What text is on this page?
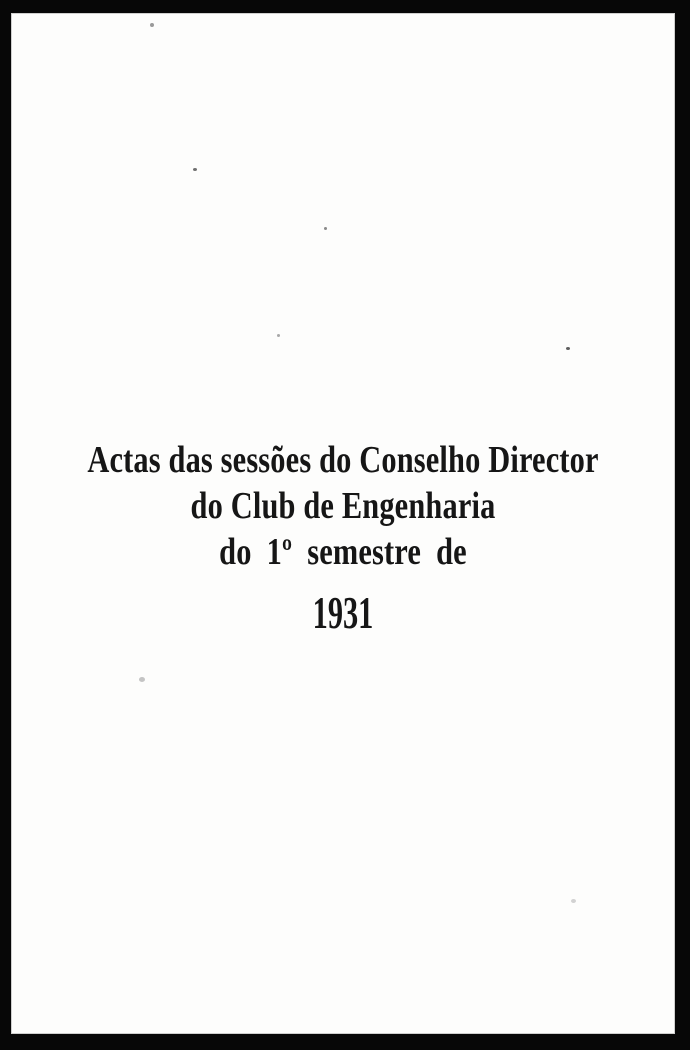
Actas das sessões do Conselho Director
do Club de Engenharia
do 1º semestre de
1931
